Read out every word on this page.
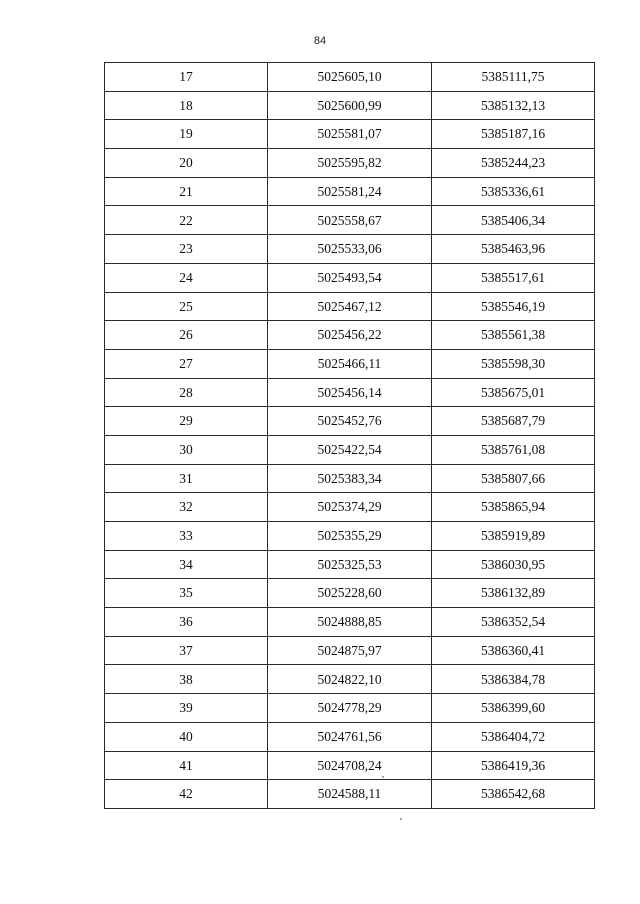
84
17	5025605,10	5385111,75
18	5025600,99	5385132,13
19	5025581,07	5385187,16
20	5025595,82	5385244,23
21	5025581,24	5385336,61
22	5025558,67	5385406,34
23	5025533,06	5385463,96
24	5025493,54	5385517,61
25	5025467,12	5385546,19
26	5025456,22	5385561,38
27	5025466,11	5385598,30
28	5025456,14	5385675,01
29	5025452,76	5385687,79
30	5025422,54	5385761,08
31	5025383,34	5385807,66
32	5025374,29	5385865,94
33	5025355,29	5385919,89
34	5025325,53	5386030,95
35	5025228,60	5386132,89
36	5024888,85	5386352,54
37	5024875,97	5386360,41
38	5024822,10	5386384,78
39	5024778,29	5386399,60
40	5024761,56	5386404,72
41	5024708,24	5386419,36
42	5024588,11	5386542,68
